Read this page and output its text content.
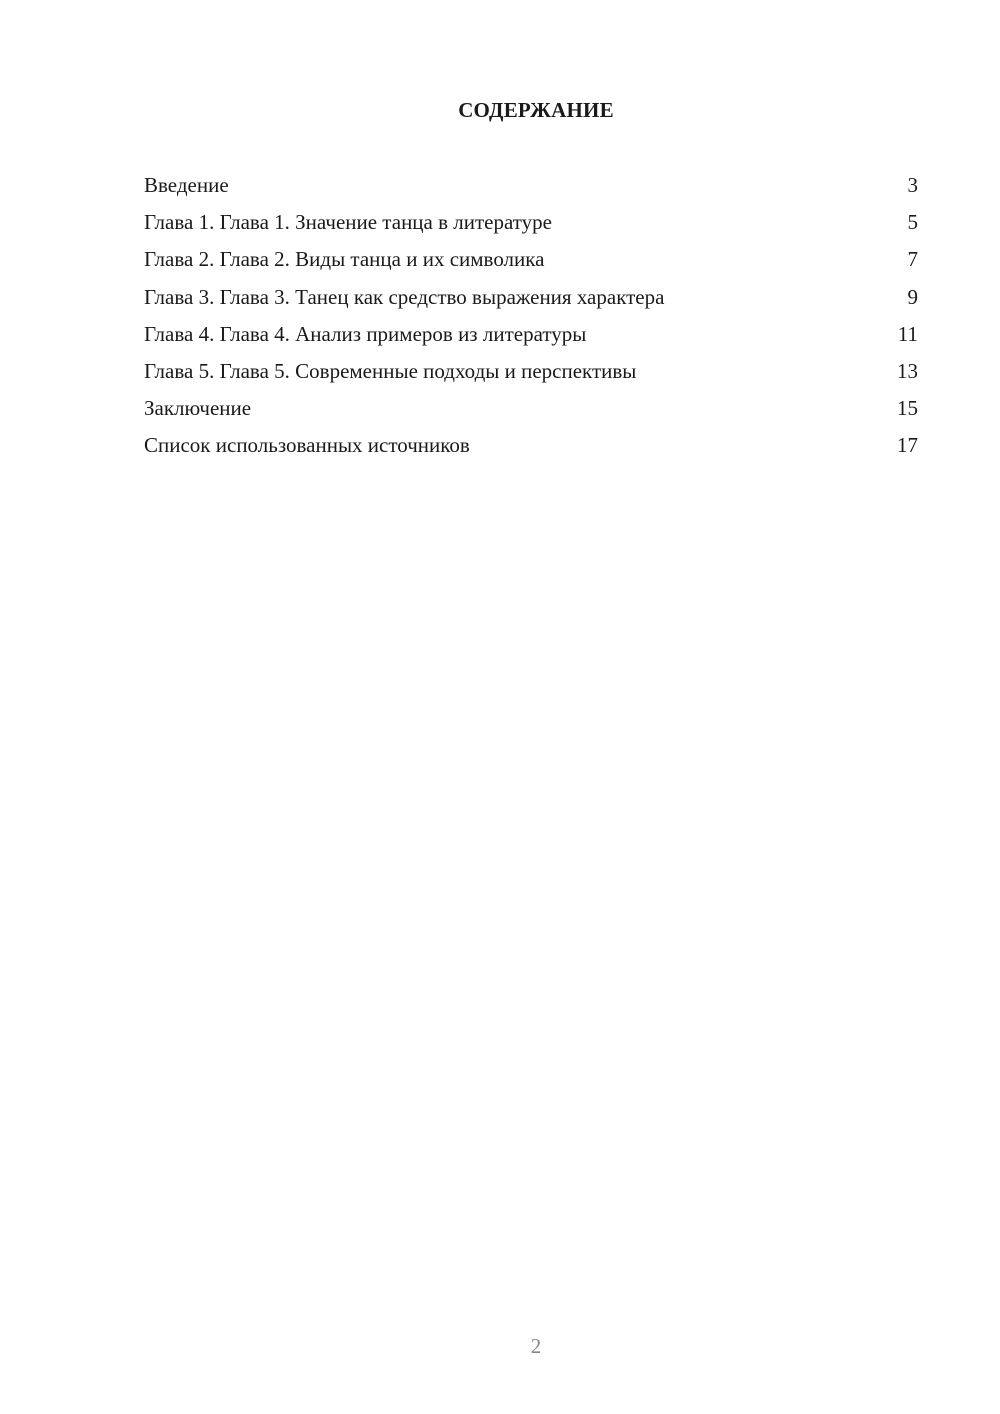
СОДЕРЖАНИЕ
Введение	3
Глава 1. Глава 1. Значение танца в литературе	5
Глава 2. Глава 2. Виды танца и их символика	7
Глава 3. Глава 3. Танец как средство выражения характера	9
Глава 4. Глава 4. Анализ примеров из литературы	11
Глава 5. Глава 5. Современные подходы и перспективы	13
Заключение	15
Список использованных источников	17
2
